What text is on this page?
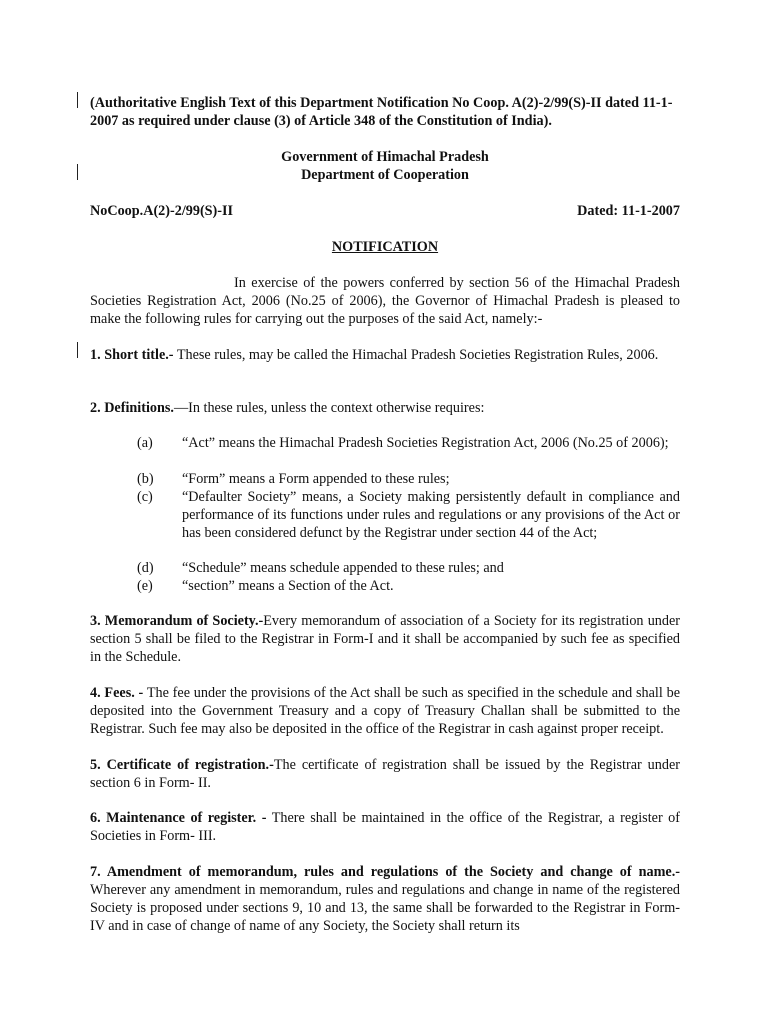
(Authoritative English Text of this Department Notification No Coop. A(2)-2/99(S)-II dated 11-1-2007 as required under clause (3) of Article 348 of the Constitution of India).
Government of Himachal Pradesh
Department of Cooperation
NoCoop.A(2)-2/99(S)-II	Dated: 11-1-2007
NOTIFICATION
In exercise of the powers conferred by section 56 of the Himachal Pradesh Societies Registration Act, 2006 (No.25 of 2006), the Governor of Himachal Pradesh is pleased to make the following rules for carrying out the purposes of the said Act, namely:-
1. Short title.- These rules, may be called the Himachal Pradesh Societies Registration Rules, 2006.
2. Definitions.—In these rules, unless the context otherwise requires:
(a)	“Act” means the Himachal Pradesh Societies Registration Act, 2006 (No.25 of 2006);
(b)	“Form” means a Form appended to these rules;
(c)	“Defaulter Society” means, a Society making persistently default in compliance and performance of its functions under rules and regulations or any provisions of the Act or has been considered defunct by the Registrar under section 44 of the Act;
(d)	“Schedule” means schedule appended to these rules; and
(e)	“section” means a Section of the Act.
3. Memorandum of Society.-Every memorandum of association of a Society for its registration under section 5 shall be filed to the Registrar in Form-I and it shall be accompanied by such fee as specified in the Schedule.
4. Fees. - The fee under the provisions of the Act shall be such as specified in the schedule and shall be deposited into the Government Treasury and a copy of Treasury Challan shall be submitted to the Registrar. Such fee may also be deposited in the office of the Registrar in cash against proper receipt.
5. Certificate of registration.-The certificate of registration shall be issued by the Registrar under section 6 in Form- II.
6. Maintenance of register. - There shall be maintained in the office of the Registrar, a register of Societies in Form- III.
7. Amendment of memorandum, rules and regulations of the Society and change of name.- Wherever any amendment in memorandum, rules and regulations and change in name of the registered Society is proposed under sections 9, 10 and 13, the same shall be forwarded to the Registrar in Form- IV and in case of change of name of any Society, the Society shall return its
